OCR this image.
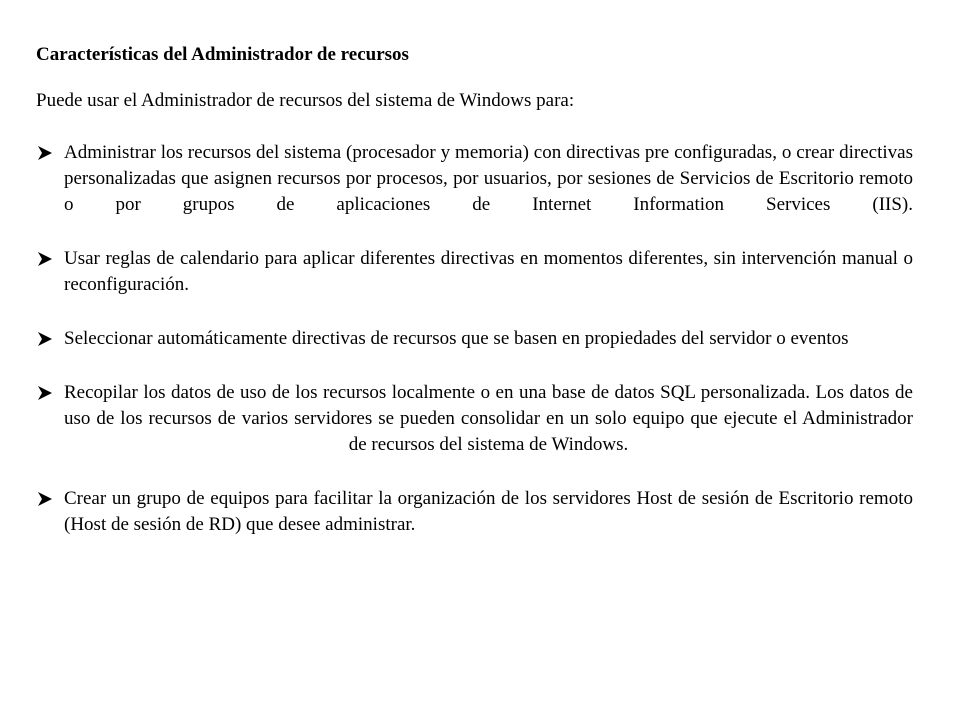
Características del Administrador de recursos
Puede usar el Administrador de recursos del sistema de Windows para:
Administrar los recursos del sistema (procesador y memoria) con directivas pre configuradas, o crear directivas personalizadas que asignen recursos por procesos, por usuarios, por sesiones de Servicios de Escritorio remoto o por grupos de aplicaciones de Internet Information Services (IIS).
Usar reglas de calendario para aplicar diferentes directivas en momentos diferentes, sin intervención manual o reconfiguración.
Seleccionar automáticamente directivas de recursos que se basen en propiedades del servidor o eventos
Recopilar los datos de uso de los recursos localmente o en una base de datos SQL personalizada. Los datos de uso de los recursos de varios servidores se pueden consolidar en un solo equipo que ejecute el Administrador de recursos del sistema de Windows.
Crear un grupo de equipos para facilitar la organización de los servidores Host de sesión de Escritorio remoto (Host de sesión de RD) que desee administrar.
